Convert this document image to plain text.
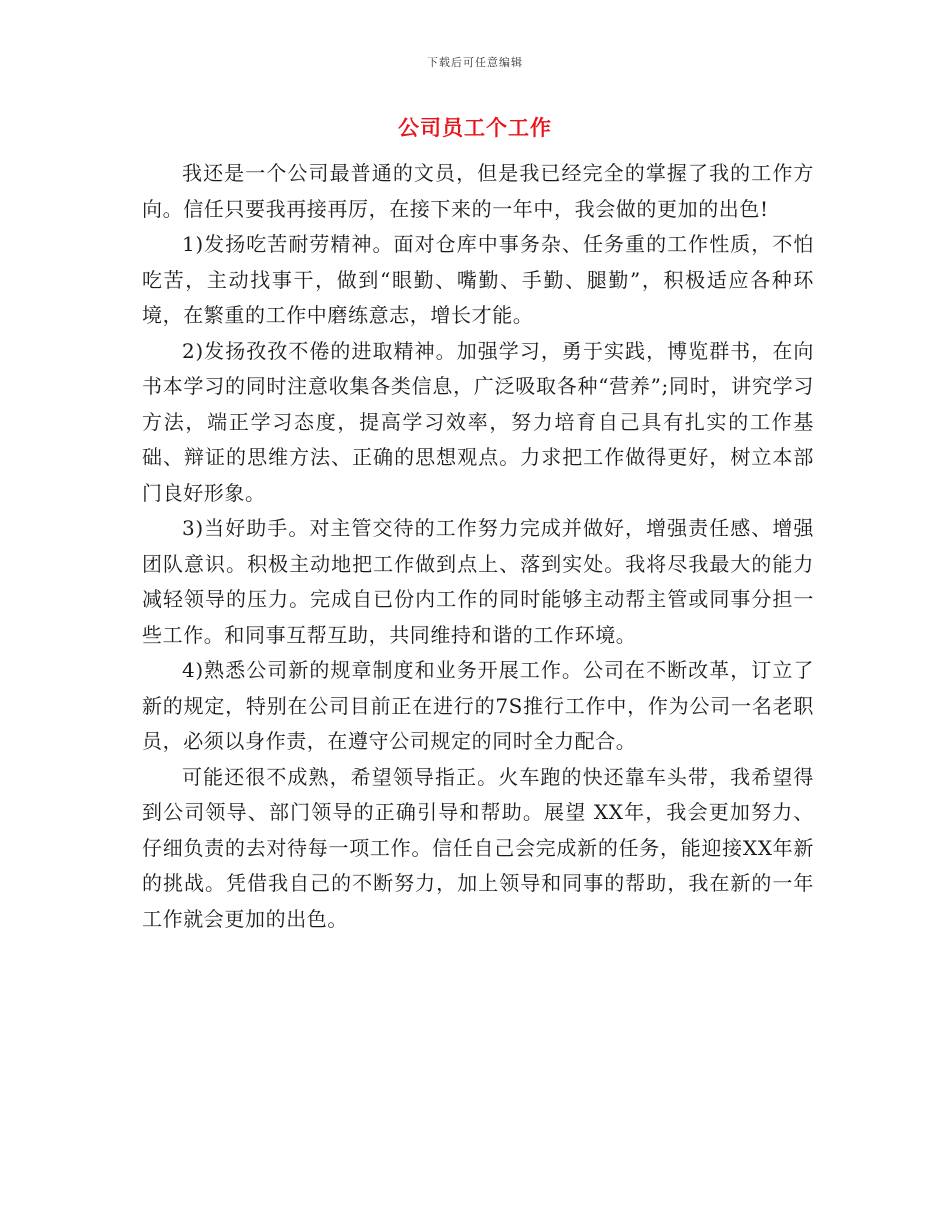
下载后可任意编辑
公司员工个工作

我还是一个公司最普通的文员，但是我已经完全的掌握了我的工作方向。信任只要我再接再厉，在接下来的一年中，我会做的更加的出色!

1)发扬吃苦耐劳精神。面对仓库中事务杂、任务重的工作性质，不怕吃苦，主动找事干，做到“眼勤、嘴勤、手勤、腿勤”，积极适应各种环境，在繁重的工作中磨练意志，增长才能。

2)发扬孜孜不倦的进取精神。加强学习，勇于实践，博览群书，在向书本学习的同时注意收集各类信息，广泛吸取各种“营养”;同时，讲究学习方法，端正学习态度，提高学习效率，努力培育自己具有扎实的工作基础、辩证的思维方法、正确的思想观点。力求把工作做得更好，树立本部门良好形象。

3)当好助手。对主管交待的工作努力完成并做好，增强责任感、增强团队意识。积极主动地把工作做到点上、落到实处。我将尽我最大的能力减轻领导的压力。完成自已份内工作的同时能够主动帮主管或同事分担一些工作。和同事互帮互助，共同维持和谐的工作环境。

4)熟悉公司新的规章制度和业务开展工作。公司在不断改革，订立了新的规定，特别在公司目前正在进行的7S推行工作中，作为公司一名老职员，必须以身作责，在遵守公司规定的同时全力配合。

可能还很不成熟，希望领导指正。火车跑的快还靠车头带，我希望得到公司领导、部门领导的正确引导和帮助。展望 XX年，我会更加努力、仔细负责的去对待每一项工作。信任自己会完成新的任务，能迎接XX年新的挑战。凭借我自己的不断努力，加上领导和同事的帮助，我在新的一年工作就会更加的出色。
